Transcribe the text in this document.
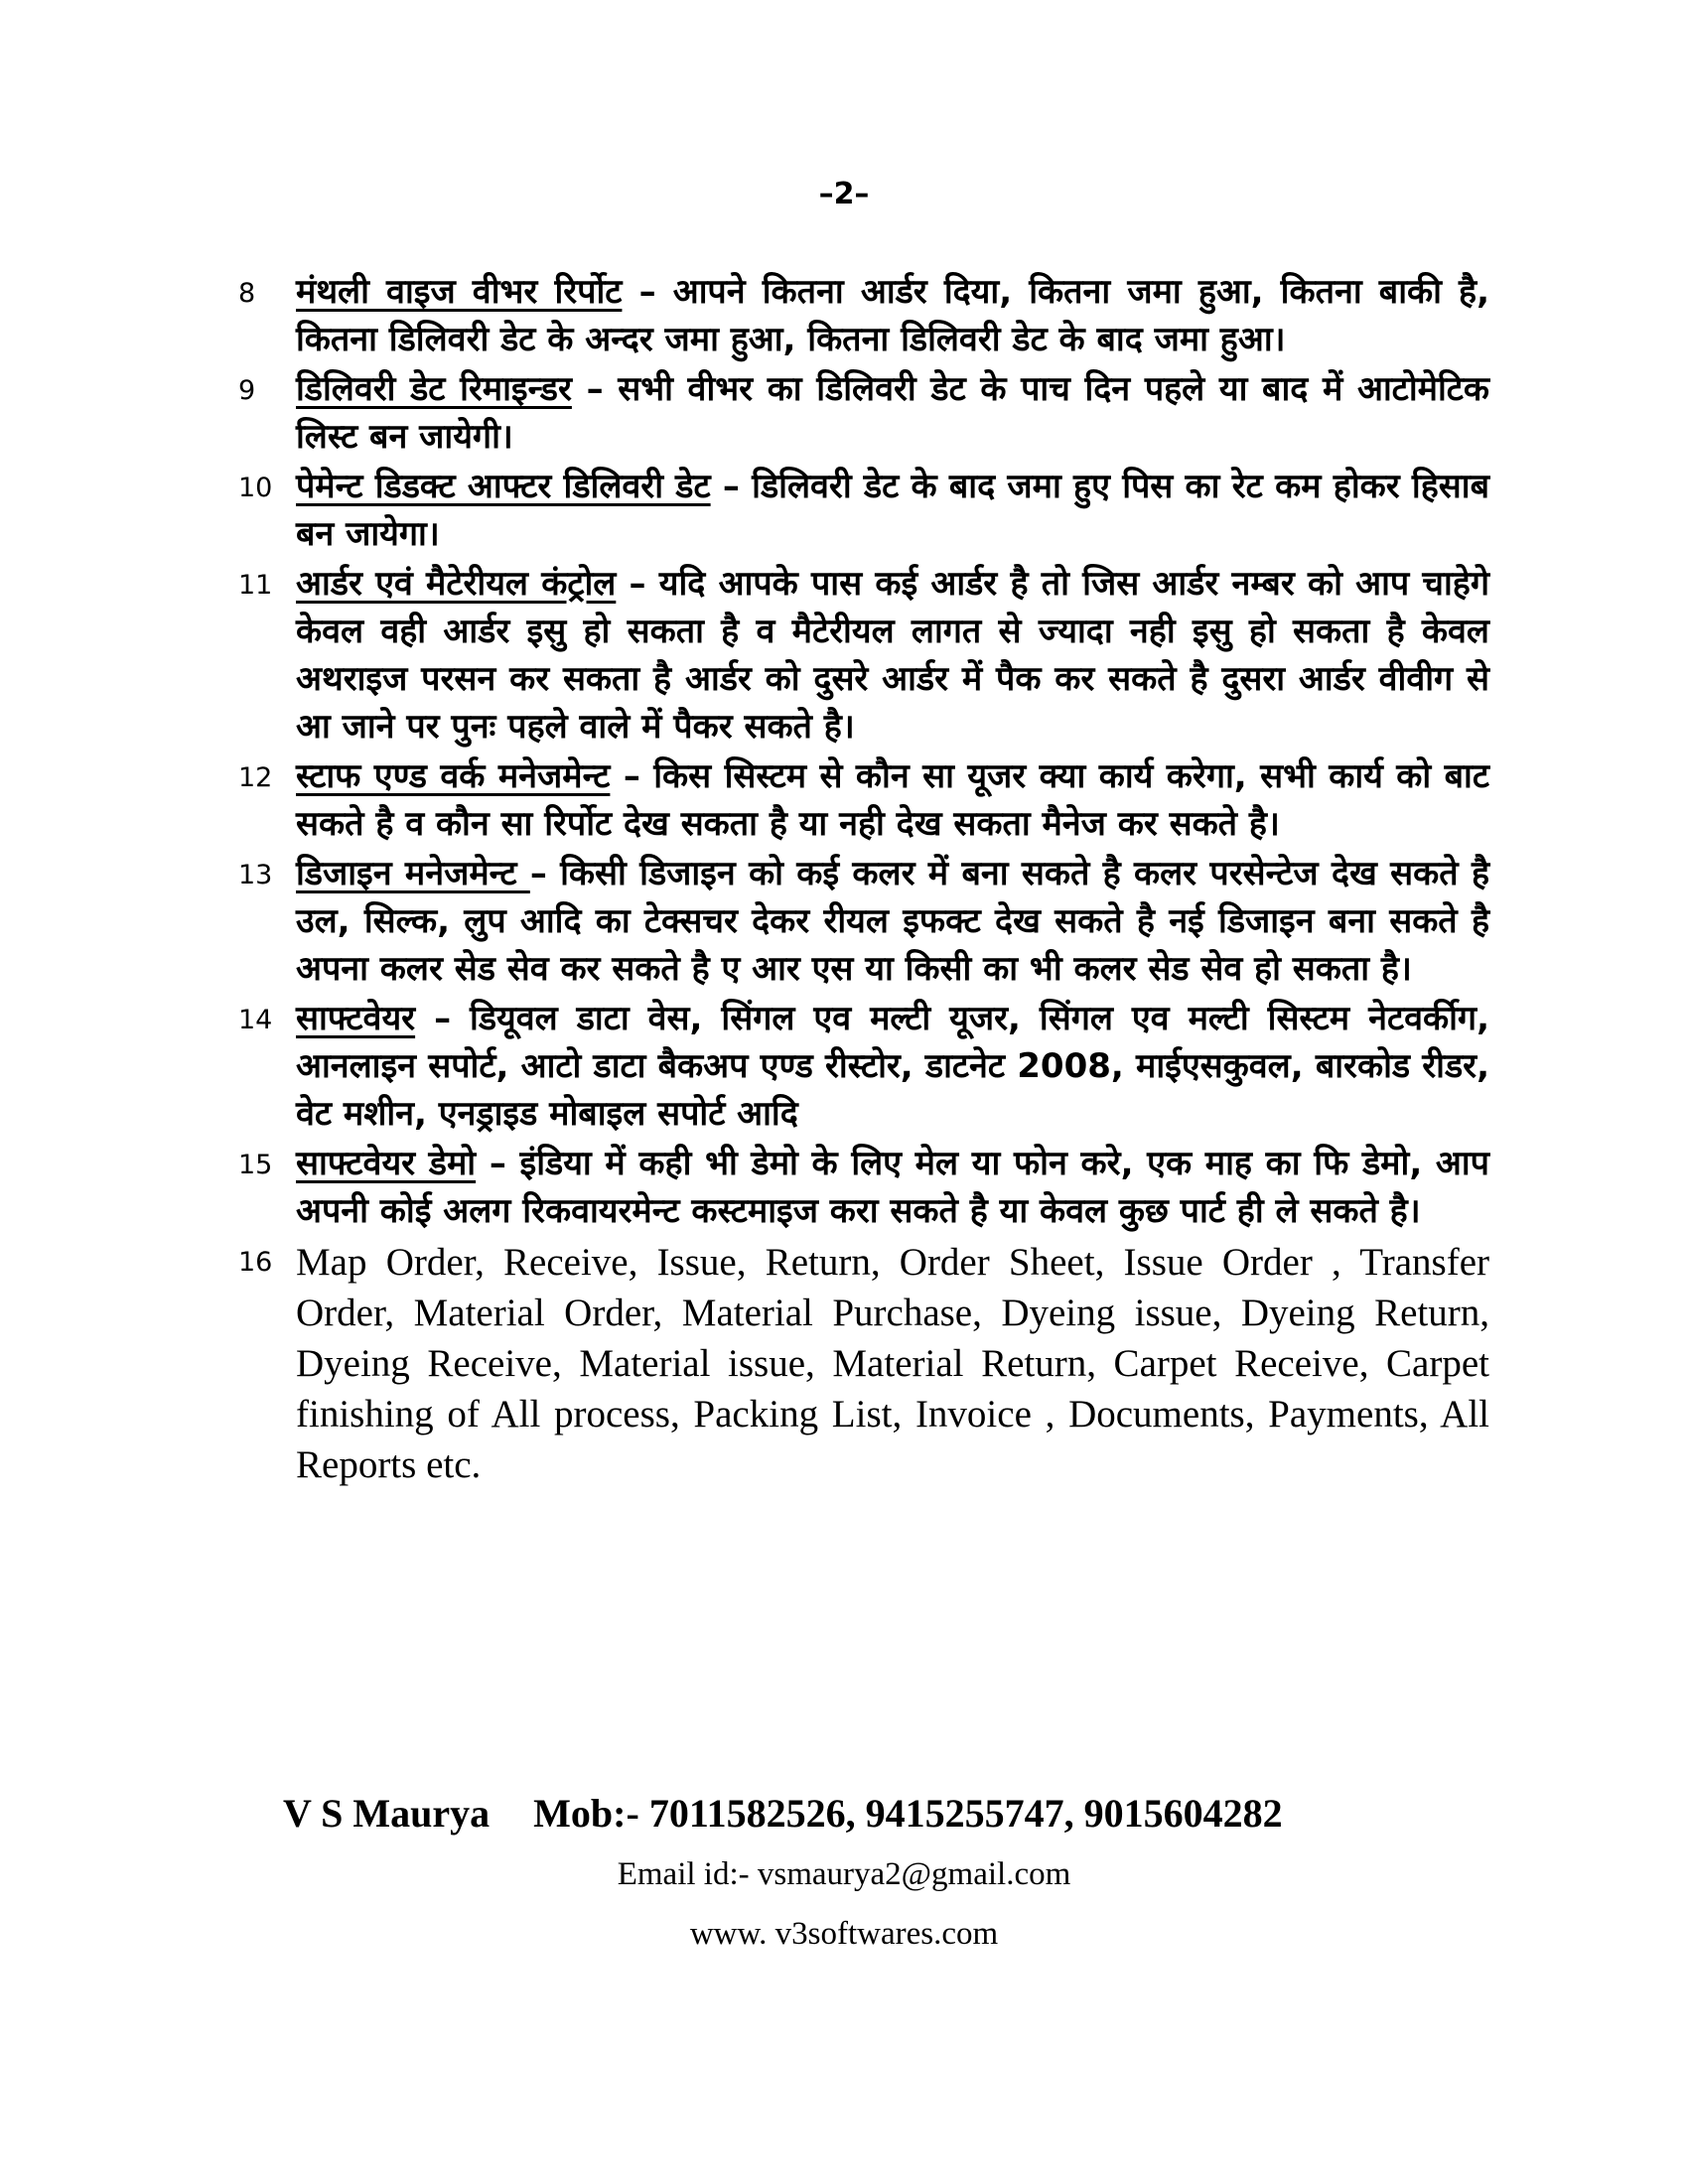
–2–
8	मंथली वाइज वीभर रिर्पोट – आपने कितना आर्डर दिया, कितना जमा हुआ, कितना बाकी है, कितना डिलिवरी डेट के अन्दर जमा हुआ, कितना डिलिवरी डेट के बाद जमा हुआ।
9	डिलिवरी डेट रिमाइन्डर – सभी वीभर का डिलिवरी डेट के पाच दिन पहले या बाद में आटोमेटिक लिस्ट बन जायेगी।
10 पेमेन्ट डिडक्ट आफ्टर डिलिवरी डेट – डिलिवरी डेट के बाद जमा हुए पिस का रेट कम होकर हिसाब बन जायेगा।
11 आर्डर एवं मैटेरीयल कंट्रोल – यदि आपके पास कई आर्डर है तो जिस आर्डर नम्बर को आप चाहेगे केवल वही आर्डर इसु हो सकता है व मैटेरीयल लागत से ज्यादा नही इसु हो सकता है केवल अथराइज परसन कर सकता है आर्डर को दुसरे आर्डर में पैक कर सकते है दुसरा आर्डर वीवीग से आ जाने पर पुनः पहले वाले में पैकर सकते है।
12 स्टाफ एण्ड वर्क मनेजमेन्ट – किस सिस्टम से कौन सा यूजर क्या कार्य करेगा, सभी कार्य को बाट सकते है व कौन सा रिर्पोट देख सकता है या नही देख सकता मैनेज कर सकते है।
13 डिजाइन मनेजमेन्ट – किसी डिजाइन को कई कलर में बना सकते है कलर परसेन्टेज देख सकते है उल, सिल्क, लुप आदि का टेक्सचर देकर रीयल इफक्ट देख सकते है नई डिजाइन बना सकते है अपना कलर सेड सेव कर सकते है ए आर एस या किसी का भी कलर सेड सेव हो सकता है।
14 साफ्टवेयर – डियूवल डाटा वेस, सिंगल एव मल्टी यूजर, सिंगल एव मल्टी सिस्टम नेटवर्कीग, आनलाइन सपोर्ट, आटो डाटा बैकअप एण्ड रीस्टोर, डाटनेट 2008, माईएसकुवल, बारकोड रीडर, वेट मशीन, एनड्राइड मोबाइल सपोर्ट आदि
15 साफ्टवेयर डेमो – इंडिया में कही भी डेमो के लिए मेल या फोन करे, एक माह का फि डेमो, आप अपनी कोई अलग रिकवायरमेन्ट कस्टमाइज करा सकते है या केवल कुछ पार्ट ही ले सकते है।
16 Map Order, Receive, Issue, Return, Order Sheet, Issue Order , Transfer Order, Material Order, Material Purchase, Dyeing issue, Dyeing Return, Dyeing Receive, Material issue, Material Return, Carpet Receive, Carpet finishing of All process, Packing List, Invoice , Documents, Payments, All Reports etc.
V S Maurya Mob:- 7011582526, 9415255747, 9015604282
Email id:- vsmaurya2@gmail.com
www. v3softwares.com
